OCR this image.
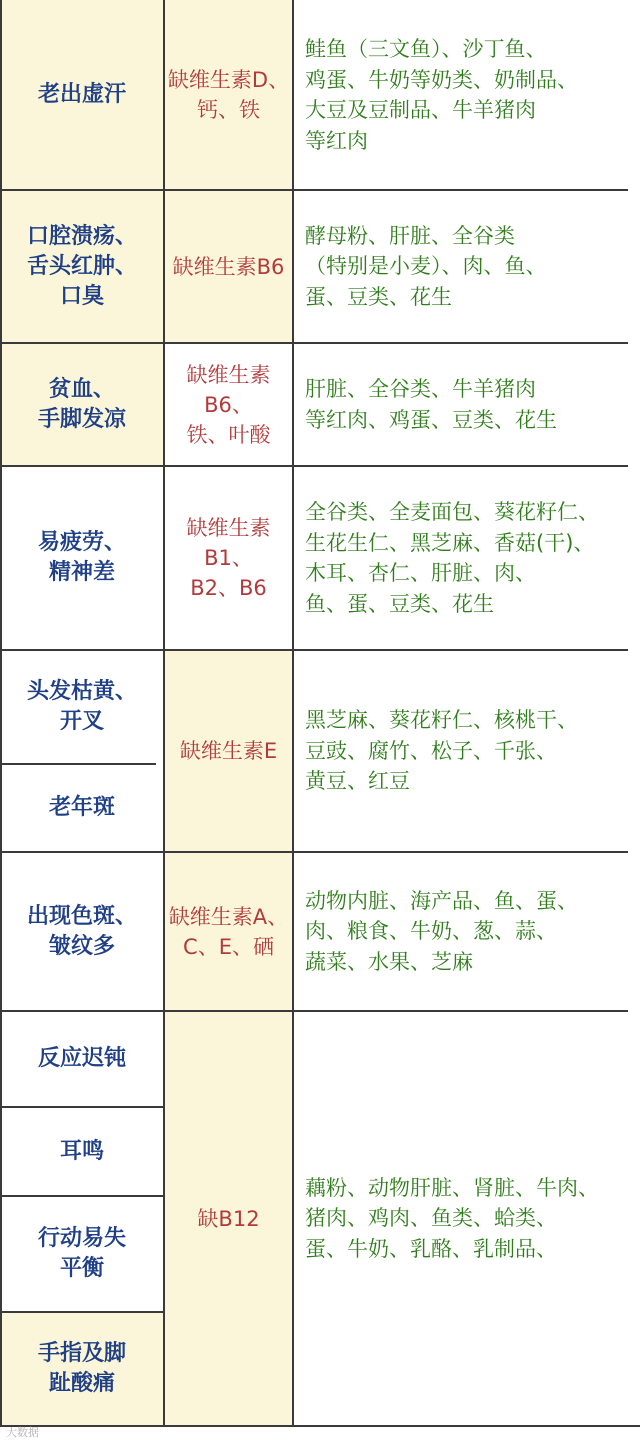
老出虚汗
缺维生素D、
钙、铁
鲑鱼（三文鱼）、沙丁鱼、
鸡蛋、牛奶等奶类、奶制品、
大豆及豆制品、牛羊猪肉
等红肉
口腔溃疡、
舌头红肿、
口臭
缺维生素B6
酵母粉、肝脏、全谷类
（特别是小麦）、肉、鱼、
蛋、豆类、花生
贫血、
手脚发凉
缺维生素B6、
铁、叶酸
肝脏、全谷类、牛羊猪肉
等红肉、鸡蛋、豆类、花生
易疲劳、
精神差
缺维生素B1、
B2、B6
全谷类、全麦面包、葵花籽仁、
生花生仁、黑芝麻、香菇(干)、
木耳、杏仁、肝脏、肉、
鱼、蛋、豆类、花生
头发枯黄、
开叉
老年斑
缺维生素E
黑芝麻、葵花籽仁、核桃干、
豆豉、腐竹、松子、千张、
黄豆、红豆
出现色斑、
皱纹多
缺维生素A、
C、E、硒
动物内脏、海产品、鱼、蛋、
肉、粮食、牛奶、葱、蒜、
蔬菜、水果、芝麻
反应迟钝
耳鸣
行动易失
平衡
手指及脚
趾酸痛
缺B12
藕粉、动物肝脏、肾脏、牛肉、
猪肉、鸡肉、鱼类、蛤类、
蛋、牛奶、乳酪、乳制品、
大数据
